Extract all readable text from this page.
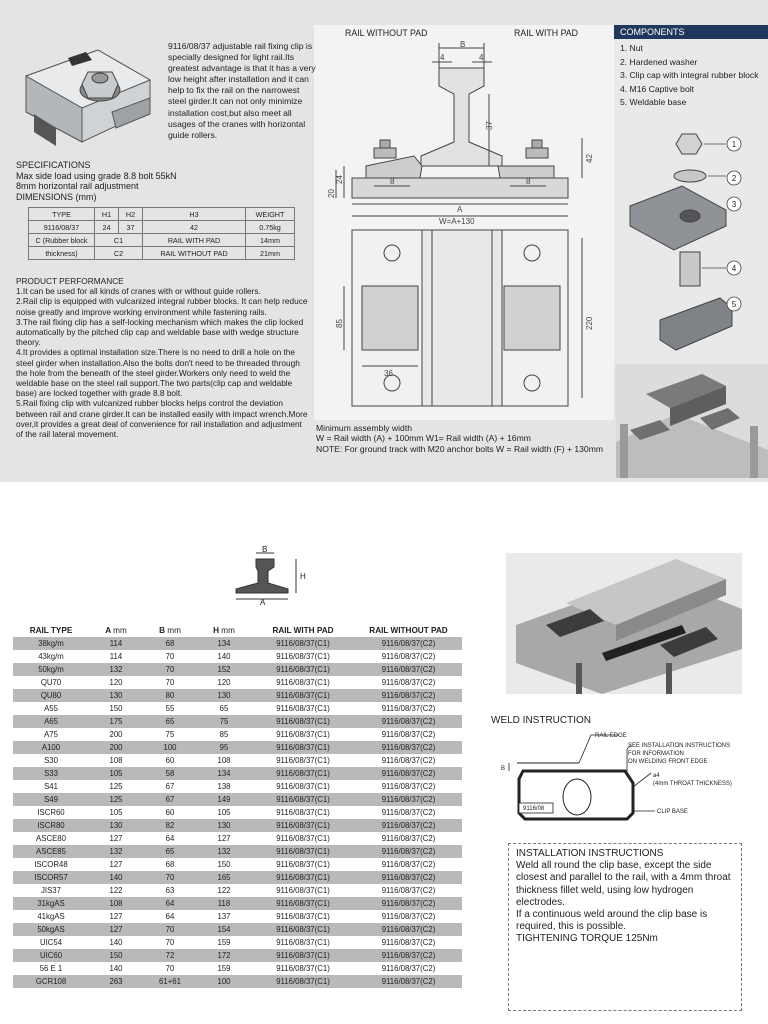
9116/08/37 adjustable rail fixing clip is specially designed for light rail.Its greatest advantage is that it has a very low height after installation and it can help to fix the rail on the narrowest steel girder.It can not only minimize installation cost,but also meet all usages of the cranes with horizontal guide rollers.
SPECIFICATIONS
Max side load using grade 8.8 bolt 55kN
8mm horizontal rail adjustment
DIMENSIONS (mm)
TYPE	H1	H2	H3	WEIGHT
9116/08/37	24	37	42	0.75kg
C (Rubber block	C1		RAIL WITH PAD	14mm
thickness)	C2		RAIL WITHOUT PAD	21mm

PRODUCT PERFORMANCE

1.It can be used for all kinds of cranes with or without guide rollers.

2.Rail clip is equipped with vulcanized integral rubber blocks. It can help reduce noise greatly and improve working environment while fastening rails.

3.The rail fixing clip has a self-locking mechanism which makes the clip locked automatically by the pitched clip cap and weldable base with wedge structure theory.

4.It provides a optimal installation size.There is no need to drill a hole on the steel girder when installation.Also the bolts don't need to be threaded through the hole from the beneath of the steel girder.Workers only need to weld the weldable base on the steel rail support.The two parts(clip cap and weldable base) are locked together with grade 8.8 bolt.

5.Rail fixing clip with vulcanized rubber blocks helps control the deviation between rail and crane girder.It can be installed easily with impact wrench.More over,it provides a great deal of convenience for rail installation and adjustment of the rail lateral movement.

RAIL WITHOUT PAD	RAIL WITH PAD
B
4	4
37
42
20
24	8	8
A
W=A+130
85
36
220
Minimum assembly width
W = Rail width (A) + 100mm W1= Rail width (A) + 16mm
NOTE: For ground track with M20 anchor bolts W = Rail width (F) + 130mm
COMPONENTS
1. Nut
2. Hardened washer
3. Clip cap with integral rubber block
4. M16 Captive bolt
5. Weldable base
1
2
3
4
5
B
H
A
RAIL TYPE	A mm	B mm	H mm	RAIL WITH PAD	RAIL WITHOUT PAD
38kg/m	114	68	134	9116/08/37(C1)	9116/08/37(C2)
43kg/m	114	70	140	9116/08/37(C1)	9116/08/37(C2)
50kg/m	132	70	152	9116/08/37(C1)	9116/08/37(C2)
QU70	120	70	120	9116/08/37(C1)	9116/08/37(C2)
QU80	130	80	130	9116/08/37(C1)	9116/08/37(C2)
A55	150	55	65	9116/08/37(C1)	9116/08/37(C2)
A65	175	65	75	9116/08/37(C1)	9116/08/37(C2)
A75	200	75	85	9116/08/37(C1)	9116/08/37(C2)
A100	200	100	95	9116/08/37(C1)	9116/08/37(C2)
S30	108	60	108	9116/08/37(C1)	9116/08/37(C2)
S33	105	58	134	9116/08/37(C1)	9116/08/37(C2)
S41	125	67	138	9116/08/37(C1)	9116/08/37(C2)
S49	125	67	149	9116/08/37(C1)	9116/08/37(C2)
ISCR60	105	60	105	9116/08/37(C1)	9116/08/37(C2)
ISCR80	130	82	130	9116/08/37(C1)	9116/08/37(C2)
ASCE80	127	64	127	9116/08/37(C1)	9116/08/37(C2)
ASCE85	132	65	132	9116/08/37(C1)	9116/08/37(C2)
ISCOR48	127	68	150	9116/08/37(C1)	9116/08/37(C2)
ISCOR57	140	70	165	9116/08/37(C1)	9116/08/37(C2)
JIS37	122	63	122	9116/08/37(C1)	9116/08/37(C2)
31kgAS	108	64	118	9116/08/37(C1)	9116/08/37(C2)
41kgAS	127	64	137	9116/08/37(C1)	9116/08/37(C2)
50kgAS	127	70	154	9116/08/37(C1)	9116/08/37(C2)
UIC54	140	70	159	9116/08/37(C1)	9116/08/37(C2)
UIC60	150	72	172	9116/08/37(C1)	9116/08/37(C2)
56 E 1	140	70	159	9116/08/37(C1)	9116/08/37(C2)
GCR108	263	61+61	100	9116/08/37(C1)	9116/08/37(C2)
WELD INSTRUCTION
RAIL EDGE
SEE INSTALLATION INSTRUCTIONS
FOR INFORMATION
ON WELDING FRONT EDGE
a4
(4mm THROAT THICKNESS)
CLIP BASE
9116/08
B

INSTALLATION INSTRUCTIONS

Weld all round the clip base, except the side closest and parallel to the rail, with a 4mm throat thickness fillet weld, using low hydrogen electrodes.

If a continuous weld around the clip base is required, this is possible.

TIGHTENING TORQUE 125Nm
